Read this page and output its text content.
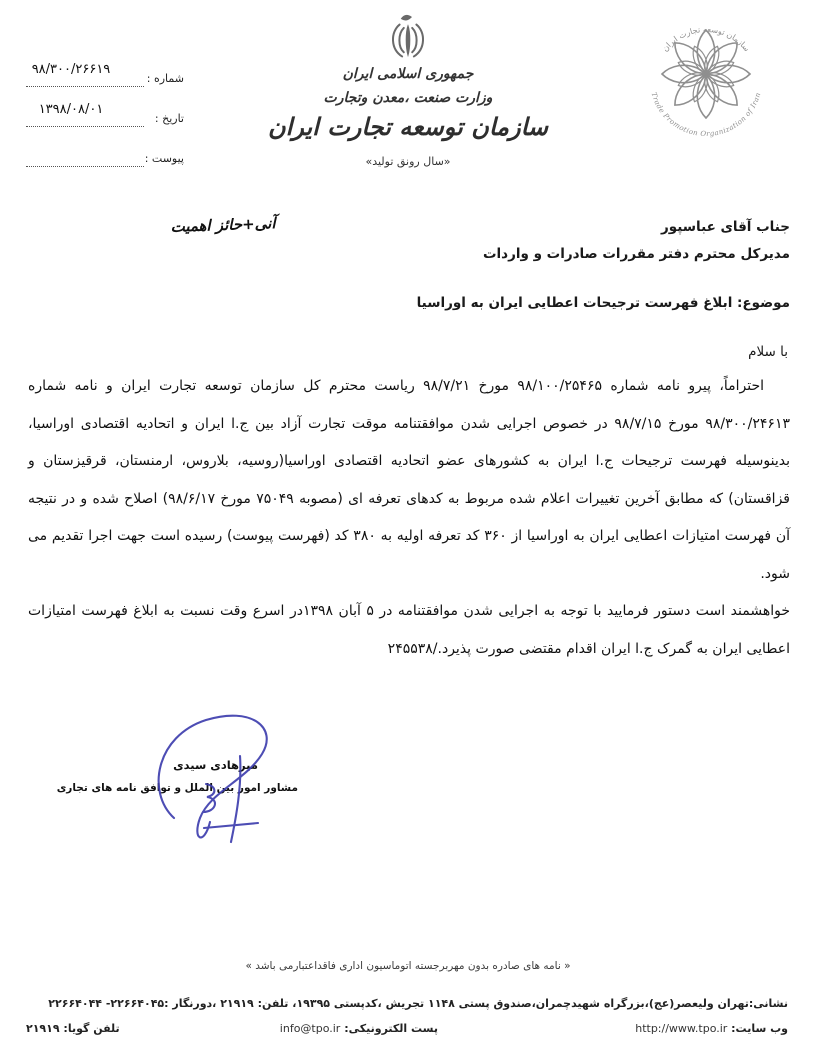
۹۸/۳۰۰/۲۶۶۱۹
شماره :
۱۳۹۸/۰۸/۰۱
تاریخ :
پیوست :
جمهوری اسلامی ایران
وزارت صنعت ،معدن وتجارت
سازمان توسعه تجارت ایران
«سال رونق تولید»
سازمان توسعه تجارت ایران
Trade Promotion Organization of Iran
آنی+حائز اهمیت	جناب آقای عباسپور
مدیرکل محترم دفتر مقررات صادرات و واردات
موضوع: ابلاغ فهرست ترجیحات اعطایی ایران به اوراسیا
با سلام

احتراماً، پیرو نامه شماره ۹۸/۱۰۰/۲۵۴۶۵ مورخ ۹۸/۷/۲۱ ریاست محترم کل سازمان توسعه تجارت ایران و نامه شماره ۹۸/۳۰۰/۲۴۶۱۳ مورخ ۹۸/۷/۱۵ در خصوص اجرایی شدن موافقتنامه موقت تجارت آزاد بین ج.ا ایران و اتحادیه اقتصادی اوراسیا، بدینوسیله فهرست ترجیحات ج.ا ایران به کشورهای عضو اتحادیه اقتصادی اوراسیا(روسیه، بلاروس، ارمنستان، قرقیزستان و قزاقستان) که مطابق آخرین تغییرات اعلام شده مربوط به کدهای تعرفه ای (مصوبه ۷۵۰۴۹ مورخ ۹۸/۶/۱۷) اصلاح شده و در نتیجه آن فهرست امتیازات اعطایی ایران به اوراسیا از ۳۶۰ کد تعرفه اولیه به ۳۸۰ کد (فهرست پیوست) رسیده است جهت اجرا تقدیم می شود.

خواهشمند است دستور فرمایید با توجه به اجرایی شدن موافقتنامه در ۵ آبان ۱۳۹۸در اسرع وقت نسبت به ابلاغ فهرست امتیازات اعطایی ایران به گمرک ج.ا ایران اقدام مقتضی صورت پذیرد./۲۴۵۵۳۸

میرهادی سیدی
مشاور امور بین الملل و توافق نامه های تجاری
« نامه های صادره بدون مهربرجسته اتوماسیون اداری فاقداعتبارمی باشد »
نشانی:تهران ولیعصر(عج)،بزرگراه شهیدچمران،صندوق پستی ۱۱۴۸ تجریش ،کدپستی ۱۹۳۹۵، تلفن: ۲۱۹۱۹ ،دورنگار :۲۲۶۶۴۰۴۵- ۲۲۶۶۴۰۴۴
وب سایت: http://www.tpo.ir
پست الکترونیکی: info@tpo.ir
تلفن گویا: ۲۱۹۱۹
